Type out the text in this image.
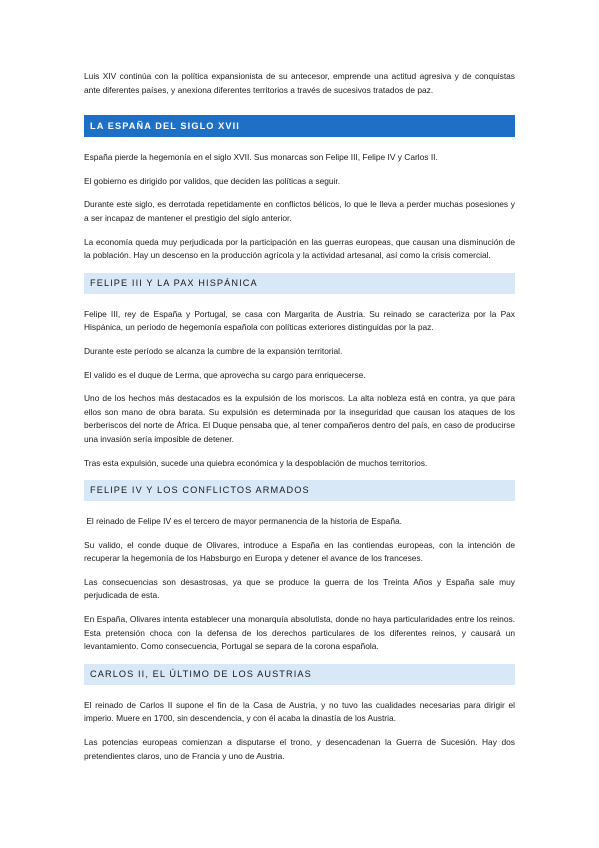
Luis XIV continúa con la política expansionista de su antecesor, emprende una actitud agresiva y de conquistas ante diferentes países, y anexiona diferentes territorios a través de sucesivos tratados de paz.

LA ESPAÑA DEL SIGLO XVII

España pierde la hegemonía en el siglo XVII. Sus monarcas son Felipe III, Felipe IV y Carlos II.

El gobierno es dirigido por validos, que deciden las políticas a seguir.

Durante este siglo, es derrotada repetidamente en conflictos bélicos, lo que le lleva a perder muchas posesiones y a ser incapaz de mantener el prestigio del siglo anterior.

La economía queda muy perjudicada por la participación en las guerras europeas, que causan una disminución de la población. Hay un descenso en la producción agrícola y la actividad artesanal, así como la crisis comercial.

FELIPE III Y LA PAX HISPÁNICA

Felipe III, rey de España y Portugal, se casa con Margarita de Austria. Su reinado se caracteriza por la Pax Hispánica, un período de hegemonía española con políticas exteriores distinguidas por la paz.

Durante este período se alcanza la cumbre de la expansión territorial.

El valido es el duque de Lerma, que aprovecha su cargo para enriquecerse.

Uno de los hechos más destacados es la expulsión de los moriscos. La alta nobleza está en contra, ya que para ellos son mano de obra barata. Su expulsión es determinada por la inseguridad que causan los ataques de los berberiscos del norte de África. El Duque pensaba que, al tener compañeros dentro del país, en caso de producirse una invasión sería imposible de detener.

Tras esta expulsión, sucede una quiebra económica y la despoblación de muchos territorios.

FELIPE IV Y LOS CONFLICTOS ARMADOS

El reinado de Felipe IV es el tercero de mayor permanencia de la historia de España.

Su valido, el conde duque de Olivares, introduce a España en las contiendas europeas, con la intención de recuperar la hegemonía de los Habsburgo en Europa y detener el avance de los franceses.

Las consecuencias son desastrosas, ya que se produce la guerra de los Treinta Años y España sale muy perjudicada de esta.

En España, Olivares intenta establecer una monarquía absolutista, donde no haya particularidades entre los reinos. Esta pretensión choca con la defensa de los derechos particulares de los diferentes reinos, y causará un levantamiento. Como consecuencia, Portugal se separa de la corona española.

CARLOS II, EL ÚLTIMO DE LOS AUSTRIAS

El reinado de Carlos II supone el fin de la Casa de Austria, y no tuvo las cualidades necesarias para dirigir el imperio. Muere en 1700, sin descendencia, y con él acaba la dinastía de los Austria.

Las potencias europeas comienzan a disputarse el trono, y desencadenan la Guerra de Sucesión. Hay dos pretendientes claros, uno de Francia y uno de Austria.
